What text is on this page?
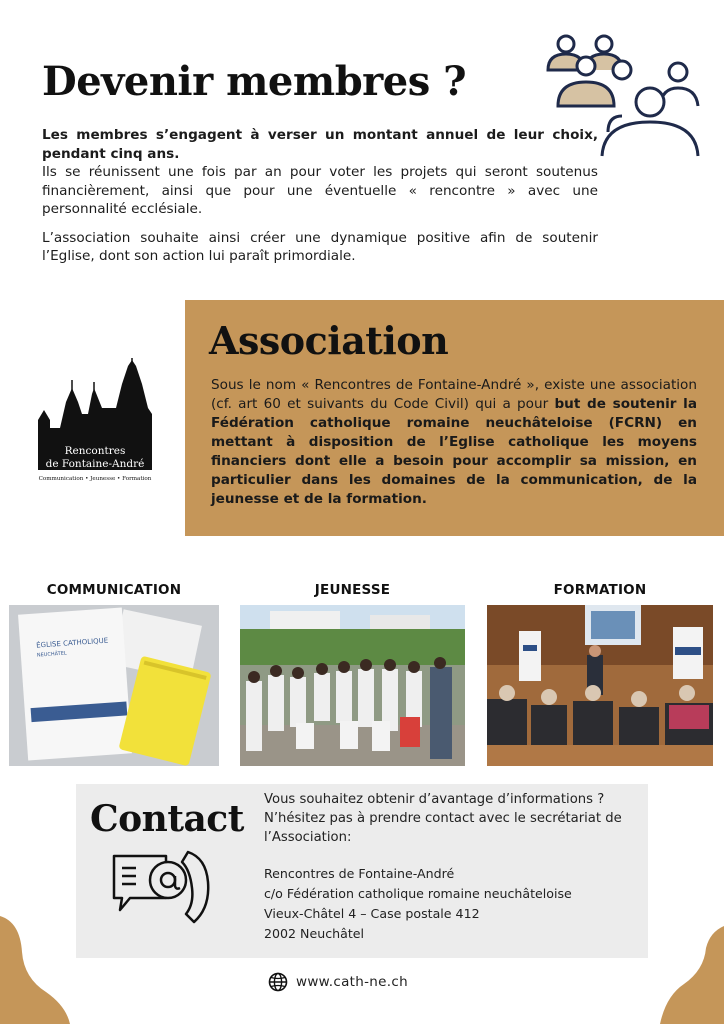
Devenir membres ?

Les membres s’engagent à verser un montant annuel de leur choix, pendant cinq ans.

Ils se réunissent une fois par an pour voter les projets qui seront soutenus financièrement, ainsi que pour une éventuelle « rencontre » avec une personnalité ecclésiale.

L’association souhaite ainsi créer une dynamique positive afin de soutenir l’Eglise, dont son action lui paraît primordiale.

Rencontres
de Fontaine-André
Communication • Jeunesse • Formation
Association

Sous le nom « Rencontres de Fontaine-André », existe une association (cf. art 60 et suivants du Code Civil) qui a pour but de soutenir la Fédération catholique romaine neuchâteloise (FCRN) en mettant à disposition de l’Eglise catholique les moyens financiers dont elle a besoin pour accomplir sa mission, en particulier dans les domaines de la communication, de la jeunesse et de la formation.

COMMUNICATION	JEUNESSE	FORMATION
ÉGLISE CATHOLIQUE
NEUCHÂTEL
Contact Vous souhaitez obtenir d’avantage d’informations ? N’hésitez pas à prendre contact avec le secrétariat de l’Association:

Rencontres de Fontaine-André
c/o Fédération catholique romaine neuchâteloise
Vieux-Châtel 4 – Case postale 412
2002 Neuchâtel
www.cath-ne.ch
